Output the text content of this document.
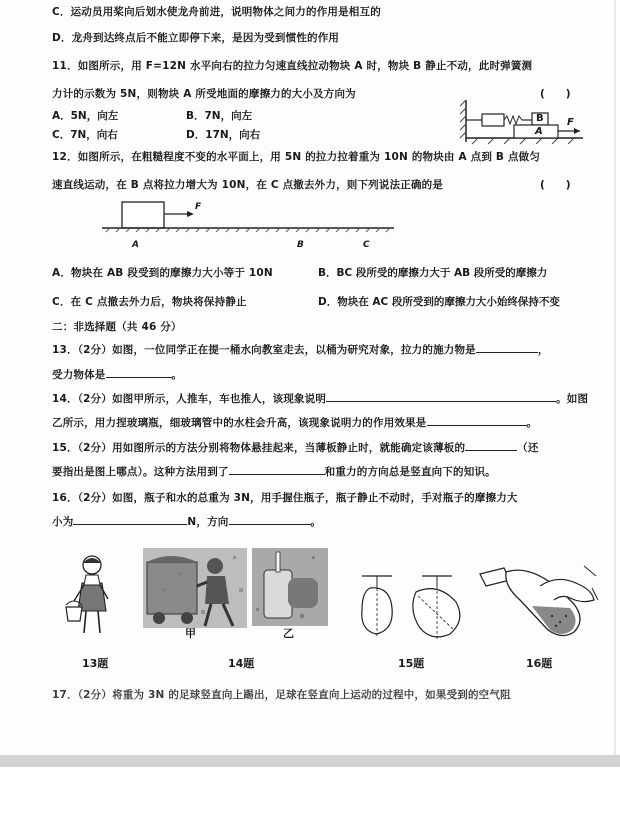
C．运动员用桨向后划水使龙舟前进，说明物体之间力的作用是相互的
D．龙舟到达终点后不能立即停下来，是因为受到惯性的作用
11．如图所示，用 F=12N 水平向右的拉力匀速直线拉动物块 A 时，物块 B 静止不动，此时弹簧测
力计的示数为 5N，则物块 A 所受地面的摩擦力的大小及方向为	(　　)
A．5N，向左	B．7N，向左
C．7N，向右	D．17N，向右
B
A
F
12．如图所示，在粗糙程度不变的水平面上，用 5N 的拉力拉着重为 10N 的物块由 A 点到 B 点做匀
速直线运动，在 B 点将拉力增大为 10N，在 C 点撤去外力，则下列说法正确的是	(　　)
F
A	B	C
A．物块在 AB 段受到的摩擦力大小等于 10N	B．BC 段所受的摩擦力大于 AB 段所受的摩擦力
C．在 C 点撤去外力后，物块将保持静止	D．物块在 AC 段所受到的摩擦力大小始终保持不变
二：非选择题（共 46 分）
13．（2分）如图，一位同学正在提一桶水向教室走去，以桶为研究对象，拉力的施力物是	，
受力物体是	。
14．（2分）如图甲所示，人推车，车也推人，该现象说明	。如图
乙所示，用力捏玻璃瓶，细玻璃管中的水柱会升高，该现象说明力的作用效果是	。
15．（2分）用如图所示的方法分别将物体悬挂起来，当薄板静止时，就能确定该薄板的	（还
要指出是图上哪点）。这种方法用到了	和重力的方向总是竖直向下的知识。
16．（2分）如图，瓶子和水的总重为 3N，用手握住瓶子，瓶子静止不动时，手对瓶子的摩擦力大
小为	N，方向	。
甲	乙
13题	14题	15题	16题
17．（2分）将重为 3N 的足球竖直向上踢出，足球在竖直向上运动的过程中，如果受到的空气阻
